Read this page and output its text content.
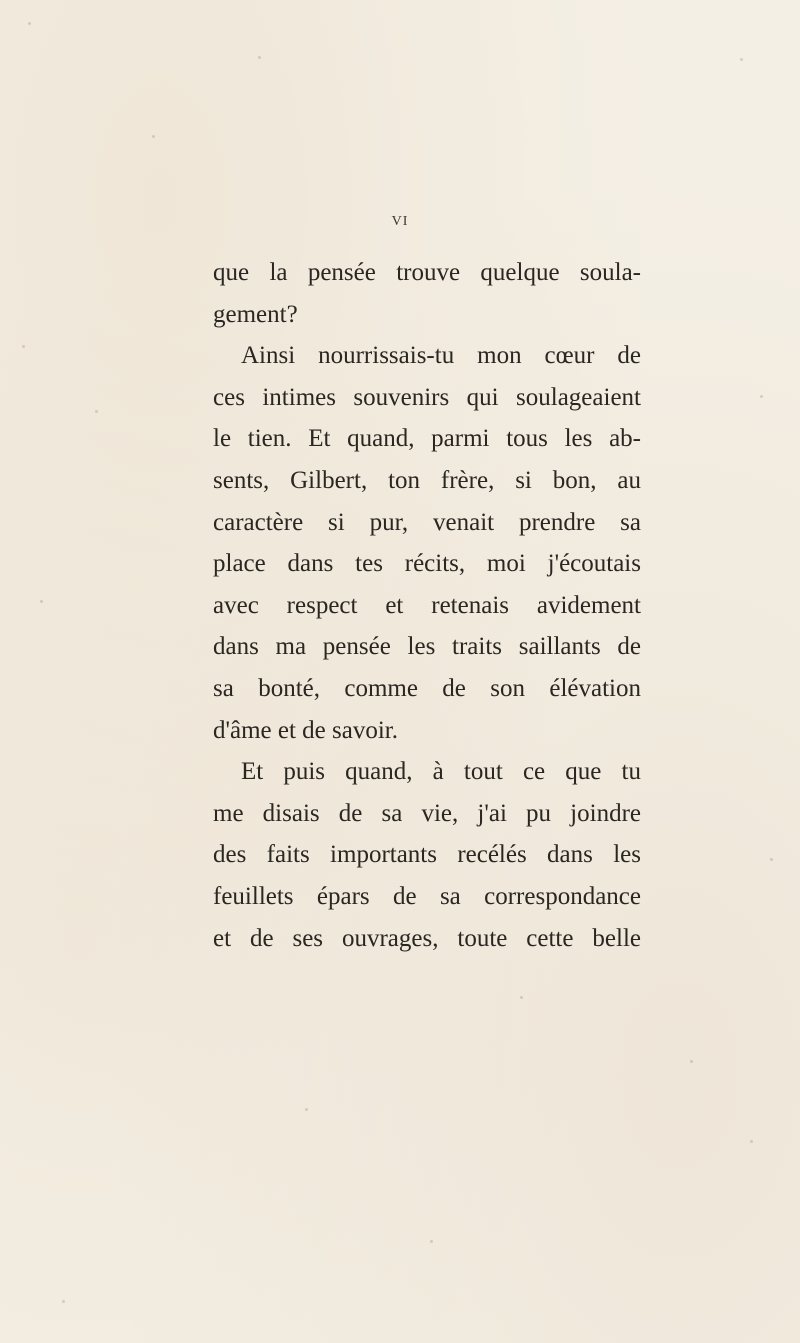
VI
que la pensée trouve quelque soula-
gement?
Ainsi nourrissais-tu mon cœur de
ces intimes souvenirs qui soulageaient
le tien. Et quand, parmi tous les ab-
sents, Gilbert, ton frère, si bon, au
caractère si pur, venait prendre sa
place dans tes récits, moi j'écoutais
avec respect et retenais avidement
dans ma pensée les traits saillants de
sa bonté, comme de son élévation
d'âme et de savoir.
Et puis quand, à tout ce que tu
me disais de sa vie, j'ai pu joindre
des faits importants recélés dans les
feuillets épars de sa correspondance
et de ses ouvrages, toute cette belle
